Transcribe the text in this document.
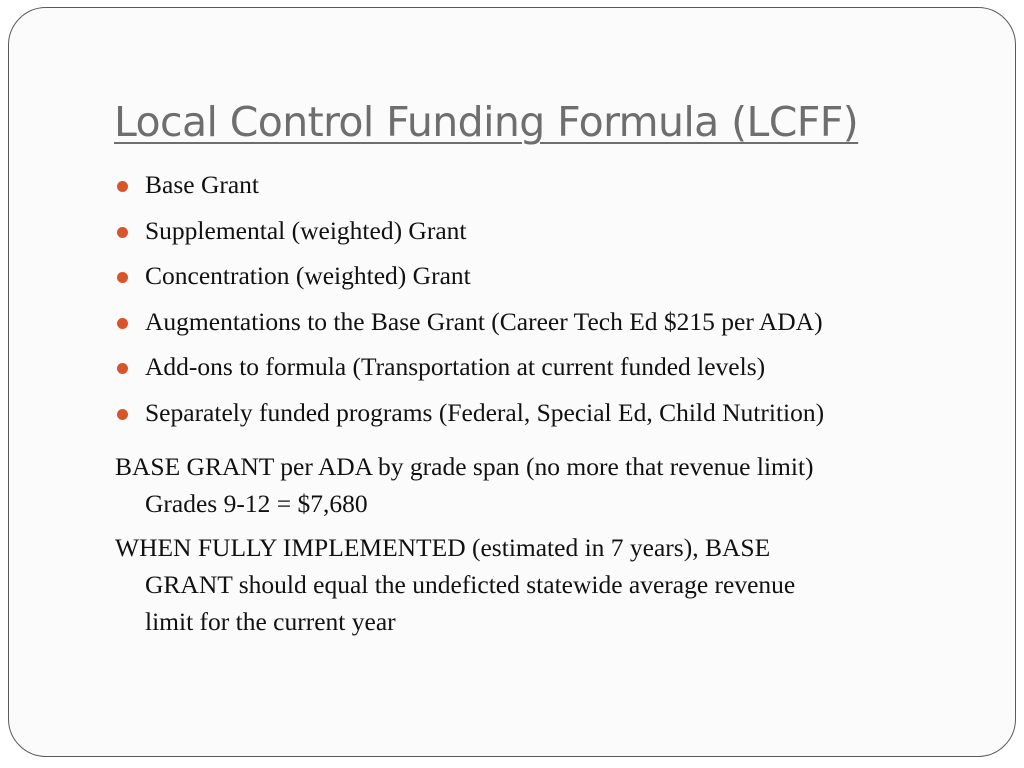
Local Control Funding Formula (LCFF)
Base Grant
Supplemental (weighted) Grant
Concentration (weighted) Grant
Augmentations to the Base Grant (Career Tech Ed $215 per ADA)
Add-ons to formula (Transportation at current funded levels)
Separately funded programs (Federal, Special Ed, Child Nutrition)

BASE GRANT per ADA by grade span (no more that revenue limit)
Grades 9-12 = $7,680

WHEN FULLY IMPLEMENTED (estimated in 7 years), BASE
GRANT should equal the undeficted statewide average revenue
limit for the current year
